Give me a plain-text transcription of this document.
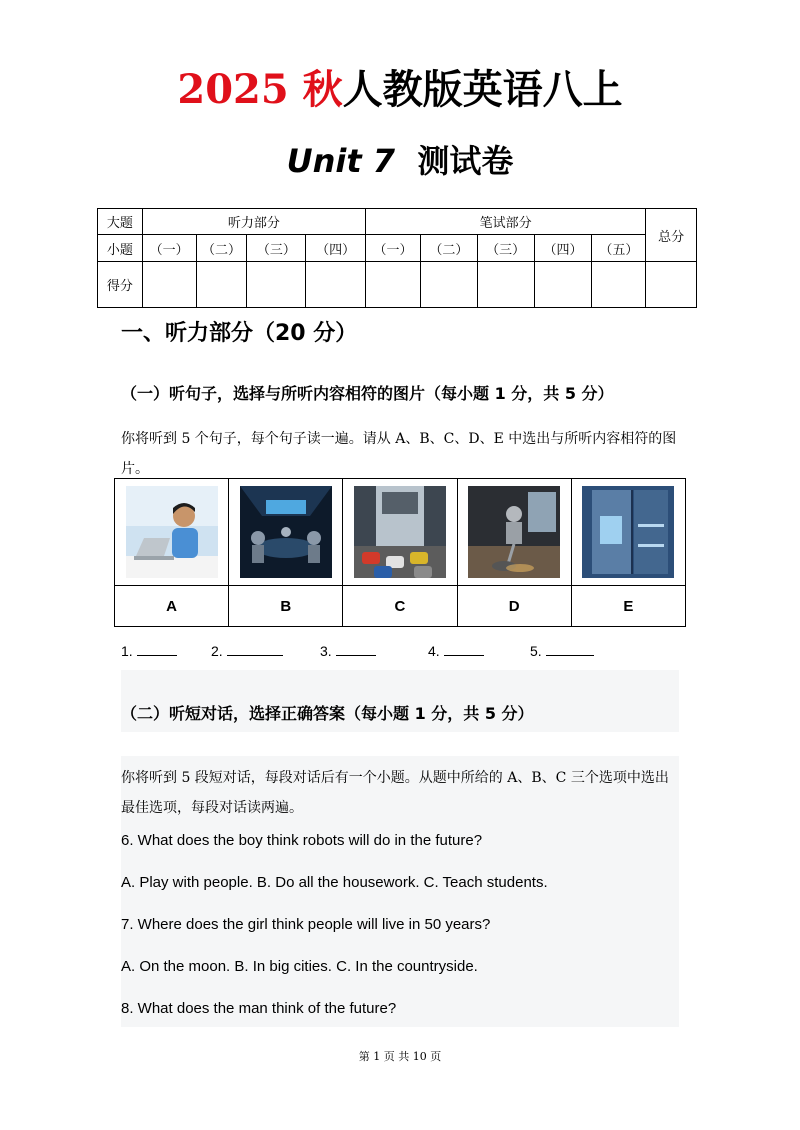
2025 秋人教版英语八上
Unit 7 测试卷
大题	听力部分				笔试部分					总分
小题	（一）	（二）	（三）	（四）	（一）	（二）	（三）	（四）	（五）	
得分										
一、听力部分（20 分）
（一）听句子，选择与所听内容相符的图片（每小题 1 分，共 5 分）
你将听到 5 个句子，每个句子读一遍。请从 A、B、C、D、E 中选出与所听内容相符的图片。

A	B	C	D	E
1.	2.	3.	4.	5.
（二）听短对话，选择正确答案（每小题 1 分，共 5 分）
你将听到 5 段短对话，每段对话后有一个小题。从题中所给的 A、B、C 三个选项中选出最佳选项，每段对话读两遍。
6. What does the boy think robots will do in the future?
A. Play with people. B. Do all the housework. C. Teach students.
7. Where does the girl think people will live in 50 years?
A. On the moon. B. In big cities. C. In the countryside.
8. What does the man think of the future?
第 1 页 共 10 页
